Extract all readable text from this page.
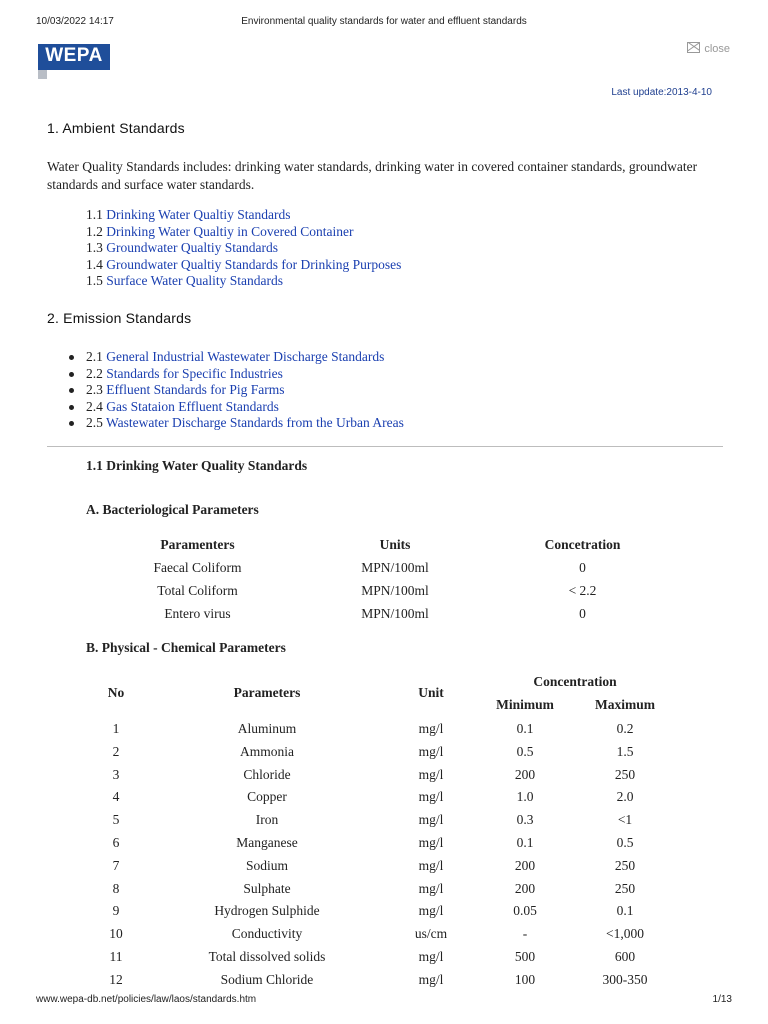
10/03/2022 14:17	Environmental quality standards for water and effluent standards
WEPA	close
Last update:2013-4-10
1. Ambient Standards
Water Quality Standards includes: drinking water standards, drinking water in covered container standards, groundwater standards and surface water standards.
1.1 Drinking Water Qualtiy Standards
1.2 Drinking Water Qualtiy in Covered Container
1.3 Groundwater Qualtiy Standards
1.4 Groundwater Qualtiy Standards for Drinking Purposes
1.5 Surface Water Quality Standards
2. Emission Standards
2.1 General Industrial Wastewater Discharge Standards
2.2 Standards for Specific Industries
2.3 Effluent Standards for Pig Farms
2.4 Gas Stataion Effluent Standards
2.5 Wastewater Discharge Standards from the Urban Areas
1.1 Drinking Water Quality Standards
A. Bacteriological Parameters
Paramenters	Units	Concetration
Faecal Coliform	MPN/100ml	0
Total Coliform	MPN/100ml	< 2.2
Entero virus	MPN/100ml	0
B. Physical - Chemical Parameters
No	Parameters	Unit
Concentration
Minimum	Maximum
1	Aluminum	mg/l	0.1	0.2
2	Ammonia	mg/l	0.5	1.5
3	Chloride	mg/l	200	250
4	Copper	mg/l	1.0	2.0
5	Iron	mg/l	0.3	<1
6	Manganese	mg/l	0.1	0.5
7	Sodium	mg/l	200	250
8	Sulphate	mg/l	200	250
9	Hydrogen Sulphide	mg/l	0.05	0.1
10	Conductivity	us/cm	-	<1,000
11	Total dissolved solids	mg/l	500	600
12	Sodium Chloride	mg/l	100	300-350
www.wepa-db.net/policies/law/laos/standards.htm	1/13
